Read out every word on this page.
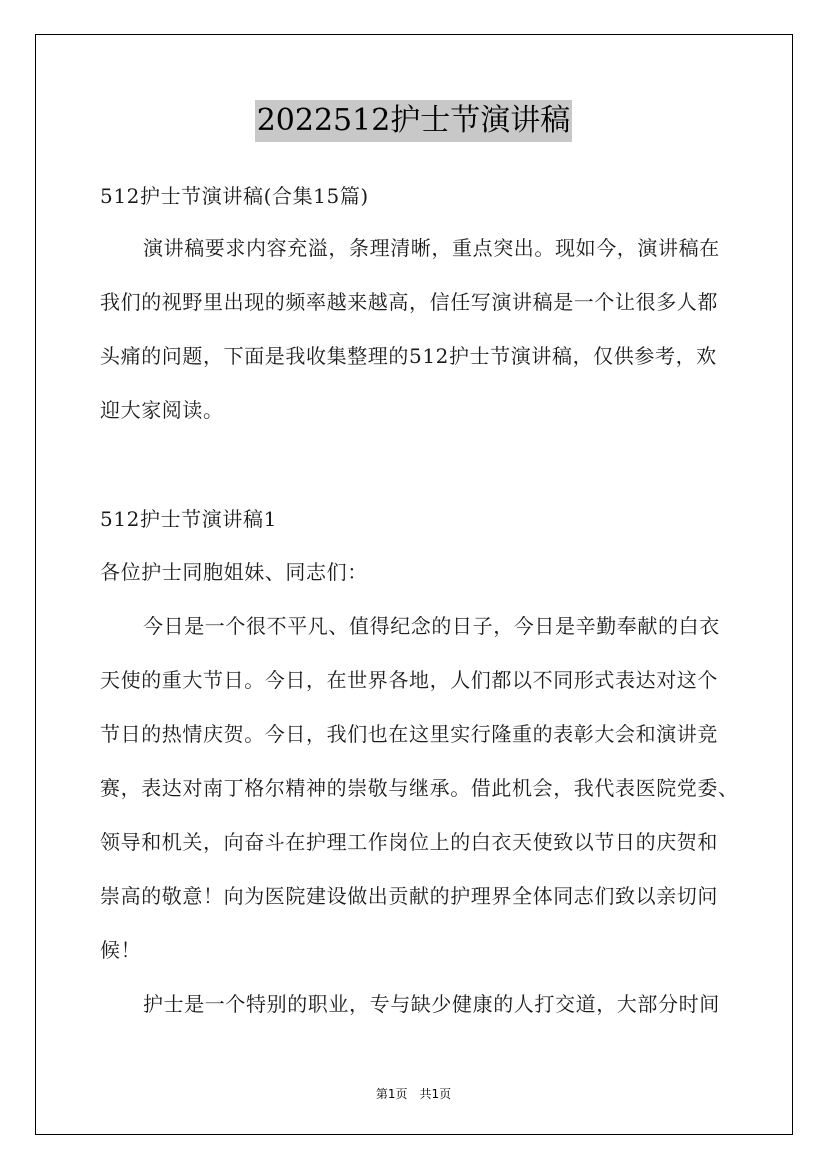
2022512护士节演讲稿
512护士节演讲稿(合集15篇)
演讲稿要求内容充溢，条理清晰，重点突出。现如今，演讲稿在
我们的视野里出现的频率越来越高，信任写演讲稿是一个让很多人都
头痛的问题，下面是我收集整理的512护士节演讲稿，仅供参考，欢
迎大家阅读。
512护士节演讲稿1
各位护士同胞姐妹、同志们：
今日是一个很不平凡、值得纪念的日子，今日是辛勤奉献的白衣
天使的重大节日。今日，在世界各地，人们都以不同形式表达对这个
节日的热情庆贺。今日，我们也在这里实行隆重的表彰大会和演讲竞
赛，表达对南丁格尔精神的崇敬与继承。借此机会，我代表医院党委、
领导和机关，向奋斗在护理工作岗位上的白衣天使致以节日的庆贺和
崇高的敬意！向为医院建设做出贡献的护理界全体同志们致以亲切问
候！
护士是一个特别的职业，专与缺少健康的人打交道，大部分时间
第1页 共1页
